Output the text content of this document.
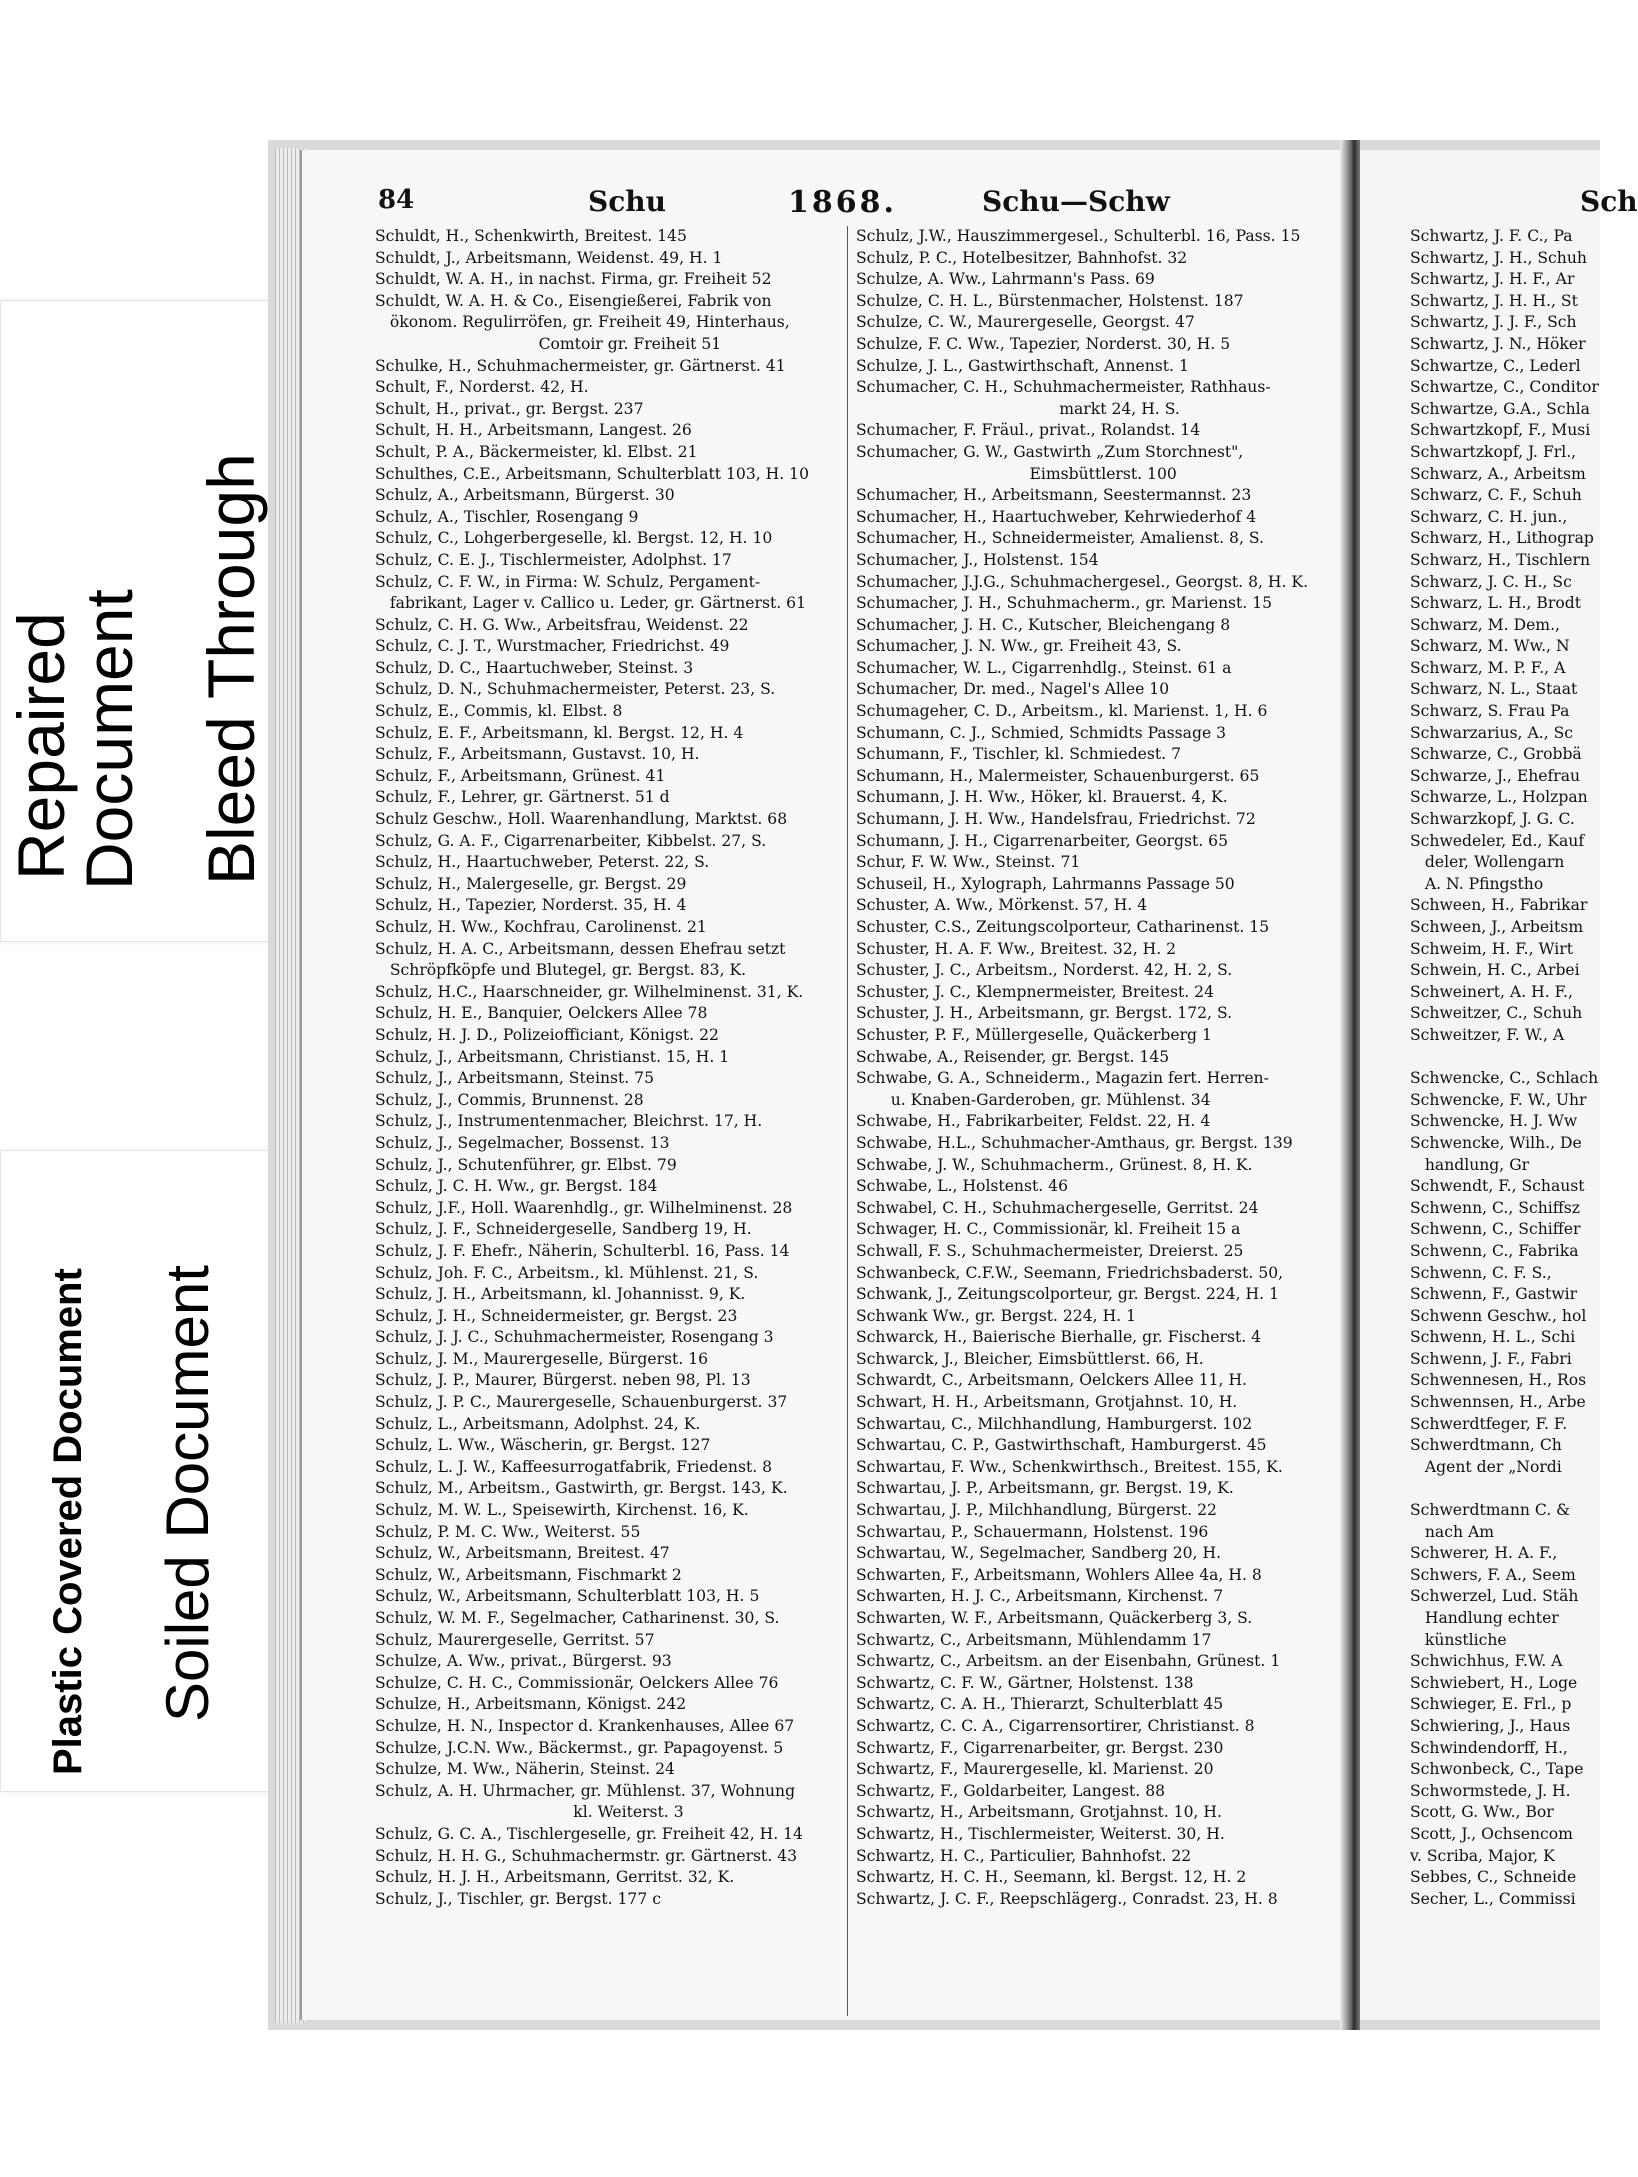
Repaired
Document Bleed Through
Plastic Covered Document Soiled Document
84	Schu	1868.	Schu—Schw	Sch
Schuldt, H., Schenkwirth, Breitest. 145
Schuldt, J., Arbeitsmann, Weidenst. 49, H. 1
Schuldt, W. A. H., in nachst. Firma, gr. Freiheit 52
Schuldt, W. A. H. & Co., Eisengießerei, Fabrik von
ökonom. Regulirröfen, gr. Freiheit 49, Hinterhaus,
Comtoir gr. Freiheit 51
Schulke, H., Schuhmachermeister, gr. Gärtnerst. 41
Schult, F., Norderst. 42, H.
Schult, H., privat., gr. Bergst. 237
Schult, H. H., Arbeitsmann, Langest. 26
Schult, P. A., Bäckermeister, kl. Elbst. 21
Schulthes, C.E., Arbeitsmann, Schulterblatt 103, H. 10
Schulz, A., Arbeitsmann, Bürgerst. 30
Schulz, A., Tischler, Rosengang 9
Schulz, C., Lohgerbergeselle, kl. Bergst. 12, H. 10
Schulz, C. E. J., Tischlermeister, Adolphst. 17
Schulz, C. F. W., in Firma: W. Schulz, Pergament-
fabrikant, Lager v. Callico u. Leder, gr. Gärtnerst. 61
Schulz, C. H. G. Ww., Arbeitsfrau, Weidenst. 22
Schulz, C. J. T., Wurstmacher, Friedrichst. 49
Schulz, D. C., Haartuchweber, Steinst. 3
Schulz, D. N., Schuhmachermeister, Peterst. 23, S.
Schulz, E., Commis, kl. Elbst. 8
Schulz, E. F., Arbeitsmann, kl. Bergst. 12, H. 4
Schulz, F., Arbeitsmann, Gustavst. 10, H.
Schulz, F., Arbeitsmann, Grünest. 41
Schulz, F., Lehrer, gr. Gärtnerst. 51 d
Schulz Geschw., Holl. Waarenhandlung, Marktst. 68
Schulz, G. A. F., Cigarrenarbeiter, Kibbelst. 27, S.
Schulz, H., Haartuchweber, Peterst. 22, S.
Schulz, H., Malergeselle, gr. Bergst. 29
Schulz, H., Tapezier, Norderst. 35, H. 4
Schulz, H. Ww., Kochfrau, Carolinenst. 21
Schulz, H. A. C., Arbeitsmann, dessen Ehefrau setzt
Schröpfköpfe und Blutegel, gr. Bergst. 83, K.
Schulz, H.C., Haarschneider, gr. Wilhelminenst. 31, K.
Schulz, H. E., Banquier, Oelckers Allee 78
Schulz, H. J. D., Polizeiofficiant, Königst. 22
Schulz, J., Arbeitsmann, Christianst. 15, H. 1
Schulz, J., Arbeitsmann, Steinst. 75
Schulz, J., Commis, Brunnenst. 28
Schulz, J., Instrumentenmacher, Bleichrst. 17, H.
Schulz, J., Segelmacher, Bossenst. 13
Schulz, J., Schutenführer, gr. Elbst. 79
Schulz, J. C. H. Ww., gr. Bergst. 184
Schulz, J.F., Holl. Waarenhdlg., gr. Wilhelminenst. 28
Schulz, J. F., Schneidergeselle, Sandberg 19, H.
Schulz, J. F. Ehefr., Näherin, Schulterbl. 16, Pass. 14
Schulz, Joh. F. C., Arbeitsm., kl. Mühlenst. 21, S.
Schulz, J. H., Arbeitsmann, kl. Johannisst. 9, K.
Schulz, J. H., Schneidermeister, gr. Bergst. 23
Schulz, J. J. C., Schuhmachermeister, Rosengang 3
Schulz, J. M., Maurergeselle, Bürgerst. 16
Schulz, J. P., Maurer, Bürgerst. neben 98, Pl. 13
Schulz, J. P. C., Maurergeselle, Schauenburgerst. 37
Schulz, L., Arbeitsmann, Adolphst. 24, K.
Schulz, L. Ww., Wäscherin, gr. Bergst. 127
Schulz, L. J. W., Kaffeesurrogatfabrik, Friedenst. 8
Schulz, M., Arbeitsm., Gastwirth, gr. Bergst. 143, K.
Schulz, M. W. L., Speisewirth, Kirchenst. 16, K.
Schulz, P. M. C. Ww., Weiterst. 55
Schulz, W., Arbeitsmann, Breitest. 47
Schulz, W., Arbeitsmann, Fischmarkt 2
Schulz, W., Arbeitsmann, Schulterblatt 103, H. 5
Schulz, W. M. F., Segelmacher, Catharinenst. 30, S.
Schulz, Maurergeselle, Gerritst. 57
Schulze, A. Ww., privat., Bürgerst. 93
Schulze, C. H. C., Commissionär, Oelckers Allee 76
Schulze, H., Arbeitsmann, Königst. 242
Schulze, H. N., Inspector d. Krankenhauses, Allee 67
Schulze, J.C.N. Ww., Bäckermst., gr. Papagoyenst. 5
Schulze, M. Ww., Näherin, Steinst. 24
Schulz, A. H. Uhrmacher, gr. Mühlenst. 37, Wohnung
kl. Weiterst. 3
Schulz, G. C. A., Tischlergeselle, gr. Freiheit 42, H. 14
Schulz, H. H. G., Schuhmachermstr. gr. Gärtnerst. 43
Schulz, H. J. H., Arbeitsmann, Gerritst. 32, K.
Schulz, J., Tischler, gr. Bergst. 177 c
Schulz, J.W., Hauszimmergesel., Schulterbl. 16, Pass. 15
Schulz, P. C., Hotelbesitzer, Bahnhofst. 32
Schulze, A. Ww., Lahrmann's Pass. 69
Schulze, C. H. L., Bürstenmacher, Holstenst. 187
Schulze, C. W., Maurergeselle, Georgst. 47
Schulze, F. C. Ww., Tapezier, Norderst. 30, H. 5
Schulze, J. L., Gastwirthschaft, Annenst. 1
Schumacher, C. H., Schuhmachermeister, Rathhaus-
markt 24, H. S.
Schumacher, F. Fräul., privat., Rolandst. 14
Schumacher, G. W., Gastwirth „Zum Storchnest",
Eimsbüttlerst. 100
Schumacher, H., Arbeitsmann, Seestermannst. 23
Schumacher, H., Haartuchweber, Kehrwiederhof 4
Schumacher, H., Schneidermeister, Amalienst. 8, S.
Schumacher, J., Holstenst. 154
Schumacher, J.J.G., Schuhmachergesel., Georgst. 8, H. K.
Schumacher, J. H., Schuhmacherm., gr. Marienst. 15
Schumacher, J. H. C., Kutscher, Bleichengang 8
Schumacher, J. N. Ww., gr. Freiheit 43, S.
Schumacher, W. L., Cigarrenhdlg., Steinst. 61 a
Schumacher, Dr. med., Nagel's Allee 10
Schumageher, C. D., Arbeitsm., kl. Marienst. 1, H. 6
Schumann, C. J., Schmied, Schmidts Passage 3
Schumann, F., Tischler, kl. Schmiedest. 7
Schumann, H., Malermeister, Schauenburgerst. 65
Schumann, J. H. Ww., Höker, kl. Brauerst. 4, K.
Schumann, J. H. Ww., Handelsfrau, Friedrichst. 72
Schumann, J. H., Cigarrenarbeiter, Georgst. 65
Schur, F. W. Ww., Steinst. 71
Schuseil, H., Xylograph, Lahrmanns Passage 50
Schuster, A. Ww., Mörkenst. 57, H. 4
Schuster, C.S., Zeitungscolporteur, Catharinenst. 15
Schuster, H. A. F. Ww., Breitest. 32, H. 2
Schuster, J. C., Arbeitsm., Norderst. 42, H. 2, S.
Schuster, J. C., Klempnermeister, Breitest. 24
Schuster, J. H., Arbeitsmann, gr. Bergst. 172, S.
Schuster, P. F., Müllergeselle, Quäckerberg 1
Schwabe, A., Reisender, gr. Bergst. 145
Schwabe, G. A., Schneiderm., Magazin fert. Herren-
u. Knaben-Garderoben, gr. Mühlenst. 34
Schwabe, H., Fabrikarbeiter, Feldst. 22, H. 4
Schwabe, H.L., Schuhmacher-Amthaus, gr. Bergst. 139
Schwabe, J. W., Schuhmacherm., Grünest. 8, H. K.
Schwabe, L., Holstenst. 46
Schwabel, C. H., Schuhmachergeselle, Gerritst. 24
Schwager, H. C., Commissionär, kl. Freiheit 15 a
Schwall, F. S., Schuhmachermeister, Dreierst. 25
Schwanbeck, C.F.W., Seemann, Friedrichsbaderst. 50,
Schwank, J., Zeitungscolporteur, gr. Bergst. 224, H. 1
Schwank Ww., gr. Bergst. 224, H. 1
Schwarck, H., Baierische Bierhalle, gr. Fischerst. 4
Schwarck, J., Bleicher, Eimsbüttlerst. 66, H.
Schwardt, C., Arbeitsmann, Oelckers Allee 11, H.
Schwart, H. H., Arbeitsmann, Grotjahnst. 10, H.
Schwartau, C., Milchhandlung, Hamburgerst. 102
Schwartau, C. P., Gastwirthschaft, Hamburgerst. 45
Schwartau, F. Ww., Schenkwirthsch., Breitest. 155, K.
Schwartau, J. P., Arbeitsmann, gr. Bergst. 19, K.
Schwartau, J. P., Milchhandlung, Bürgerst. 22
Schwartau, P., Schauermann, Holstenst. 196
Schwartau, W., Segelmacher, Sandberg 20, H.
Schwarten, F., Arbeitsmann, Wohlers Allee 4a, H. 8
Schwarten, H. J. C., Arbeitsmann, Kirchenst. 7
Schwarten, W. F., Arbeitsmann, Quäckerberg 3, S.
Schwartz, C., Arbeitsmann, Mühlendamm 17
Schwartz, C., Arbeitsm. an der Eisenbahn, Grünest. 1
Schwartz, C. F. W., Gärtner, Holstenst. 138
Schwartz, C. A. H., Thierarzt, Schulterblatt 45
Schwartz, C. C. A., Cigarrensortirer, Christianst. 8
Schwartz, F., Cigarrenarbeiter, gr. Bergst. 230
Schwartz, F., Maurergeselle, kl. Marienst. 20
Schwartz, F., Goldarbeiter, Langest. 88
Schwartz, H., Arbeitsmann, Grotjahnst. 10, H.
Schwartz, H., Tischlermeister, Weiterst. 30, H.
Schwartz, H. C., Particulier, Bahnhofst. 22
Schwartz, H. C. H., Seemann, kl. Bergst. 12, H. 2
Schwartz, J. C. F., Reepschlägerg., Conradst. 23, H. 8
Schwartz, J. F. C., Pa
Schwartz, J. H., Schuh
Schwartz, J. H. F., Ar
Schwartz, J. H. H., St
Schwartz, J. J. F., Sch
Schwartz, J. N., Höker
Schwartze, C., Lederl
Schwartze, C., Conditor
Schwartze, G.A., Schla
Schwartzkopf, F., Musi
Schwartzkopf, J. Frl.,
Schwarz, A., Arbeitsm
Schwarz, C. F., Schuh
Schwarz, C. H. jun.,
Schwarz, H., Lithograp
Schwarz, H., Tischlern
Schwarz, J. C. H., Sc
Schwarz, L. H., Brodt
Schwarz, M. Dem.,
Schwarz, M. Ww., N
Schwarz, M. P. F., A
Schwarz, N. L., Staat
Schwarz, S. Frau Pa
Schwarzarius, A., Sc
Schwarze, C., Grobbä
Schwarze, J., Ehefrau
Schwarze, L., Holzpan
Schwarzkopf, J. G. C.
Schwedeler, Ed., Kauf
deler, Wollengarn
A. N. Pfingstho
Schween, H., Fabrikar
Schween, J., Arbeitsm
Schweim, H. F., Wirt
Schwein, H. C., Arbei
Schweinert, A. H. F.,
Schweitzer, C., Schuh
Schweitzer, F. W., A

Schwencke, C., Schlach
Schwencke, F. W., Uhr
Schwencke, H. J. Ww
Schwencke, Wilh., De
handlung, Gr
Schwendt, F., Schaust
Schwenn, C., Schiffsz
Schwenn, C., Schiffer
Schwenn, C., Fabrika
Schwenn, C. F. S.,
Schwenn, F., Gastwir
Schwenn Geschw., hol
Schwenn, H. L., Schi
Schwenn, J. F., Fabri
Schwennesen, H., Ros
Schwennsen, H., Arbe
Schwerdtfeger, F. F.
Schwerdtmann, Ch
Agent der „Nordi

Schwerdtmann C. &
nach Am
Schwerer, H. A. F.,
Schwers, F. A., Seem
Schwerzel, Lud. Stäh
Handlung echter
künstliche
Schwichhus, F.W. A
Schwiebert, H., Loge
Schwieger, E. Frl., p
Schwiering, J., Haus
Schwindendorff, H.,
Schwonbeck, C., Tape
Schwormstede, J. H.
Scott, G. Ww., Bor
Scott, J., Ochsencom
v. Scriba, Major, K
Sebbes, C., Schneide
Secher, L., Commissi
